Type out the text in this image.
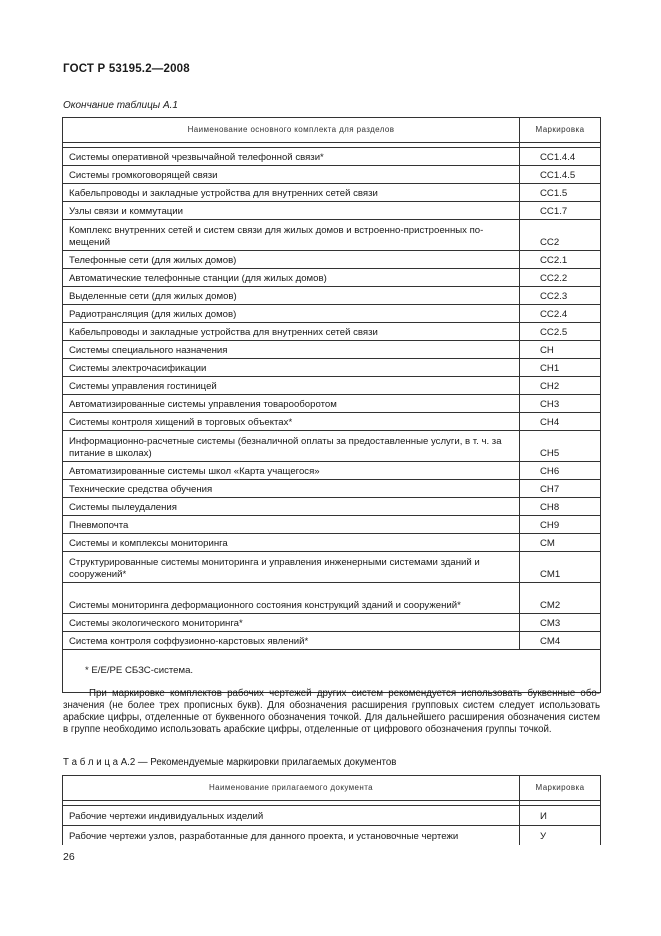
ГОСТ Р 53195.2—2008
Окончание таблицы А.1
Наименование основного комплекта для разделов	Маркировка

Системы оперативной чрезвычайной телефонной связи*	CC1.4.4
Системы громкоговорящей связи	CC1.4.5
Кабельпроводы и закладные устройства для внутренних сетей связи	CC1.5
Узлы связи и коммутации	CC1.7
Комплекс внутренних сетей и систем связи для жилых домов и встроенно-пристроенных помещений	CC2
Телефонные сети (для жилых домов)	CC2.1
Автоматические телефонные станции (для жилых домов)	CC2.2
Выделенные сети (для жилых домов)	CC2.3
Радиотрансляция (для жилых домов)	CC2.4
Кабельпроводы и закладные устройства для внутренних сетей связи	CC2.5
Системы специального назначения	CH
Системы электрочасификации	CH1
Системы управления гостиницей	CH2
Автоматизированные системы управления товарооборотом	CH3
Системы контроля хищений в торговых объектах*	CH4
Информационно-расчетные системы (безналичной оплаты за предоставленные услуги, в т. ч. за питание в школах)	CH5
Автоматизированные системы школ «Карта учащегося»	CH6
Технические средства обучения	CH7
Системы пылеудаления	CH8
Пневмопочта	CH9
Системы и комплексы мониторинга	CM
Структурированные системы мониторинга и управления инженерными системами зданий и сооружений*	CM1
Системы мониторинга деформационного состояния конструкций зданий и сооружений*	CM2
Системы экологического мониторинга*	CM3
Система контроля соффузионно-карстовых явлений*	CM4
* E/E/PE СБЗС-система.	
При маркировке комплектов рабочих чертежей других систем рекомендуется использовать буквенные обозначения (не более трех прописных букв). Для обозначения расширения групповых систем следует использовать арабские цифры, отделенные от буквенного обозначения точкой. Для дальнейшего расширения обозначения систем в группе необходимо использовать арабские цифры, отделенные от цифрового обозначения группы точкой.
Т а б л и ц а А.2 — Рекомендуемые маркировки прилагаемых документов
Наименование прилагаемого документа	Маркировка

Рабочие чертежи индивидуальных изделий	И
Рабочие чертежи узлов, разработанные для данного проекта, и установочные чертежи	У
26
